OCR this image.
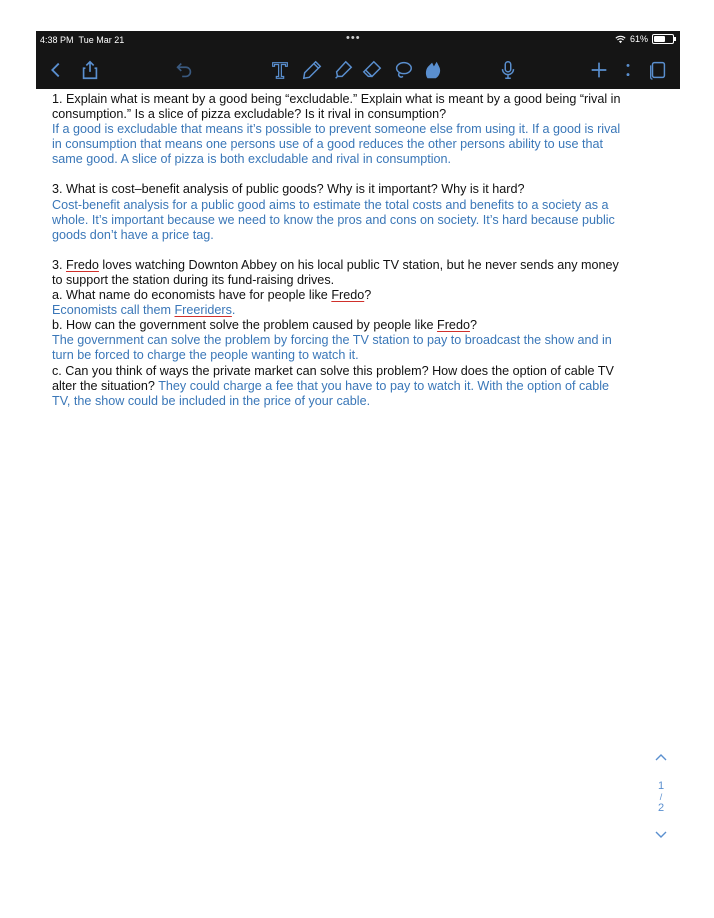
4:38 PM Tue Mar 21	•••	61%

1. Explain what is meant by a good being “excludable.” Explain what is meant by a good being “rival in
consumption.” Is a slice of pizza excludable? Is it rival in consumption?

If a good is excludable that means it’s possible to prevent someone else from using it. If a good is rival
in consumption that means one persons use of a good reduces the other persons ability to use that
same good. A slice of pizza is both excludable and rival in consumption.

3. What is cost–benefit analysis of public goods? Why is it important? Why is it hard?

Cost-benefit analysis for a public good aims to estimate the total costs and benefits to a society as a
whole. It’s important because we need to know the pros and cons on society. It’s hard because public
goods don’t have a price tag.

3. Fredo loves watching Downton Abbey on his local public TV station, but he never sends any money
to support the station during its fund-raising drives.
a. What name do economists have for people like Fredo?
Economists call them Freeriders.
b. How can the government solve the problem caused by people like Fredo?
The government can solve the problem by forcing the TV station to pay to broadcast the show and in
turn be forced to charge the people wanting to watch it.
c. Can you think of ways the private market can solve this problem? How does the option of cable TV
alter the situation? They could charge a fee that you have to pay to watch it. With the option of cable
TV, the show could be included in the price of your cable.

1
/
2
